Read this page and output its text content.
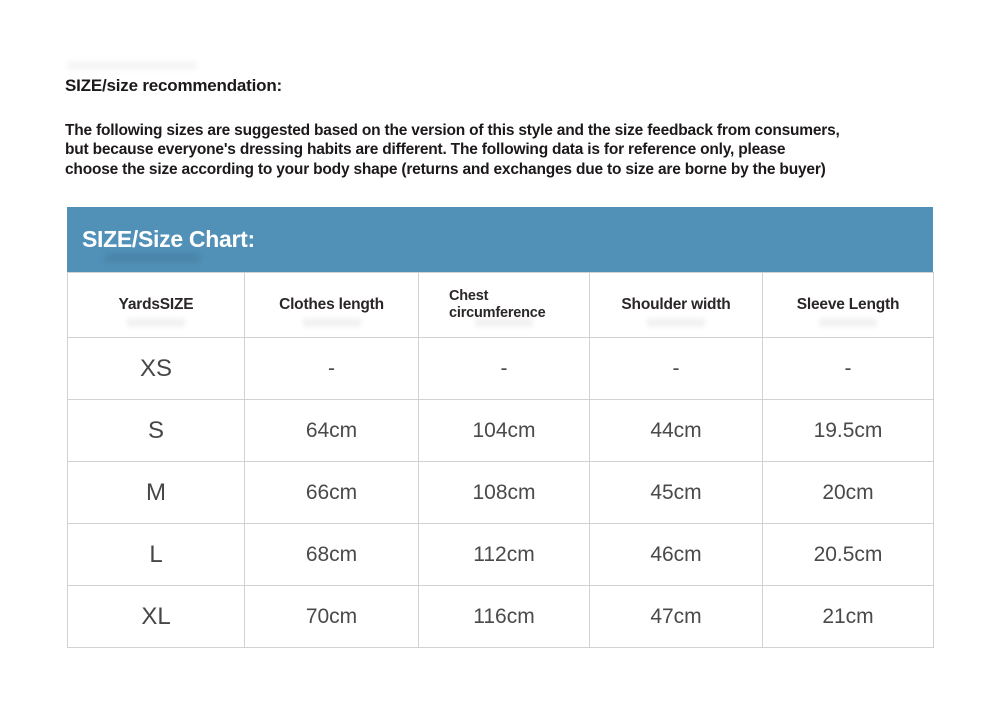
SIZE/size recommendation:
The following sizes are suggested based on the version of this style and the size feedback from consumers,
but because everyone's dressing habits are different. The following data is for reference only, please
choose the size according to your body shape (returns and exchanges due to size are borne by the buyer)
SIZE/Size Chart:
YardsSIZE	Clothes length	Chest circumference	Shoulder width	Sleeve Length
XS	-	-	-	-
S	64cm	104cm	44cm	19.5cm
M	66cm	108cm	45cm	20cm
L	68cm	112cm	46cm	20.5cm
XL	70cm	116cm	47cm	21cm
